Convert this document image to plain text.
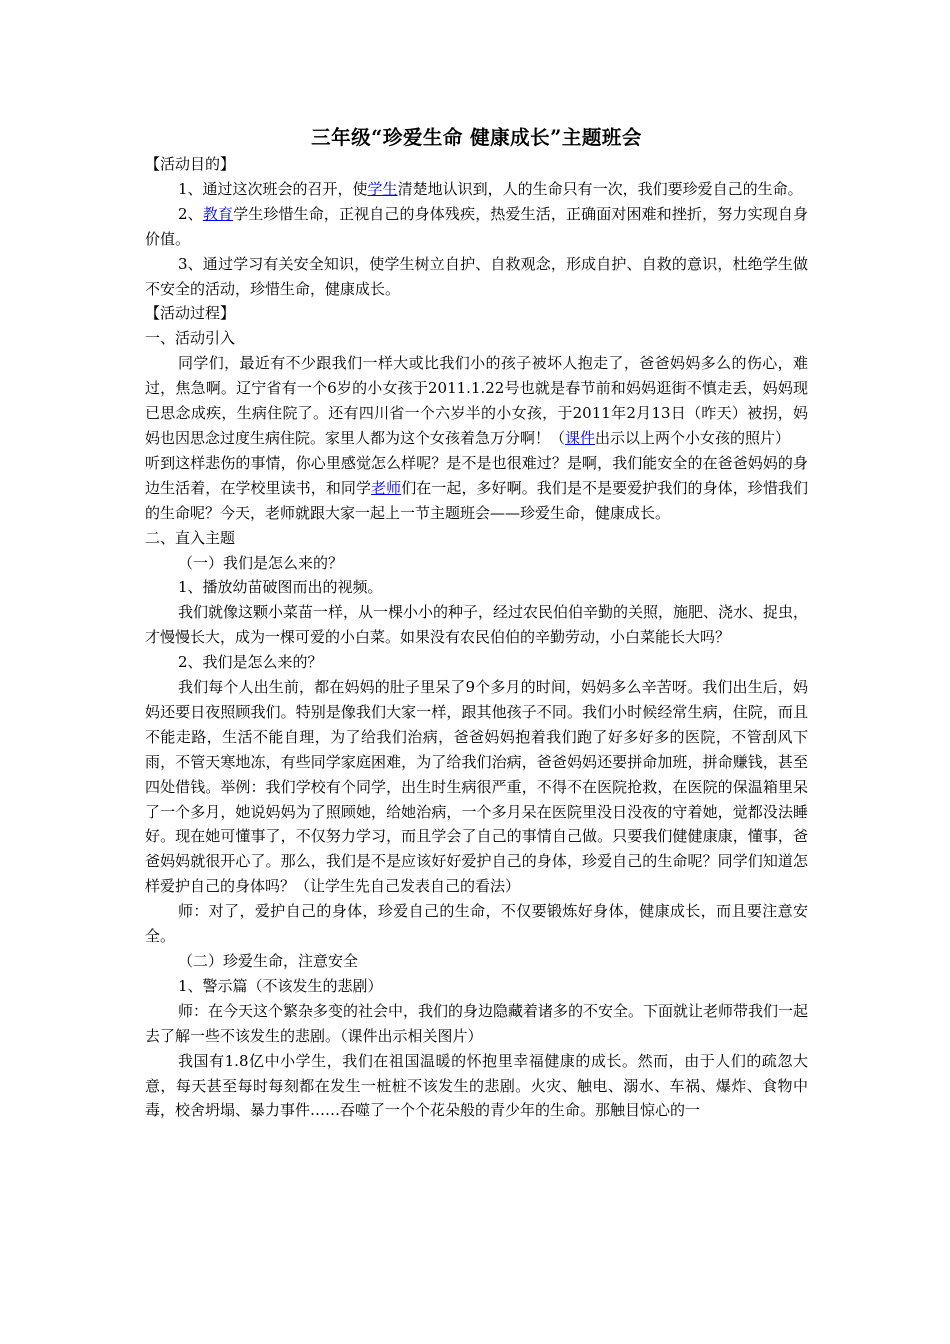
三年级“珍爱生命 健康成长”主题班会

【活动目的】

1、通过这次班会的召开，使学生清楚地认识到，人的生命只有一次，我们要珍爱自己的生命。

2、教育学生珍惜生命，正视自己的身体残疾，热爱生活，正确面对困难和挫折，努力实现自身价值。

3、通过学习有关安全知识，使学生树立自护、自救观念，形成自护、自救的意识，杜绝学生做不安全的活动，珍惜生命，健康成长。

【活动过程】

一、活动引入

同学们，最近有不少跟我们一样大或比我们小的孩子被坏人抱走了，爸爸妈妈多么的伤心，难过，焦急啊。辽宁省有一个6岁的小女孩于2011.1.22号也就是春节前和妈妈逛街不慎走丢，妈妈现已思念成疾，生病住院了。还有四川省一个六岁半的小女孩，于2011年2月13日（昨天）被拐，妈妈也因思念过度生病住院。家里人都为这个女孩着急万分啊！（课件出示以上两个小女孩的照片）

听到这样悲伤的事情，你心里感觉怎么样呢？是不是也很难过？是啊，我们能安全的在爸爸妈妈的身边生活着，在学校里读书，和同学老师们在一起，多好啊。我们是不是要爱护我们的身体，珍惜我们的生命呢？今天，老师就跟大家一起上一节主题班会——珍爱生命，健康成长。

二、直入主题

（一）我们是怎么来的？

1、播放幼苗破图而出的视频。

我们就像这颗小菜苗一样，从一棵小小的种子，经过农民伯伯辛勤的关照，施肥、浇水、捉虫，才慢慢长大，成为一棵可爱的小白菜。如果没有农民伯伯的辛勤劳动，小白菜能长大吗？

2、我们是怎么来的？

我们每个人出生前，都在妈妈的肚子里呆了9个多月的时间，妈妈多么辛苦呀。我们出生后，妈妈还要日夜照顾我们。特别是像我们大家一样，跟其他孩子不同。我们小时候经常生病，住院，而且不能走路，生活不能自理，为了给我们治病，爸爸妈妈抱着我们跑了好多好多的医院，不管刮风下雨，不管天寒地冻，有些同学家庭困难，为了给我们治病，爸爸妈妈还要拼命加班，拼命赚钱，甚至四处借钱。举例：我们学校有个同学，出生时生病很严重，不得不在医院抢救，在医院的保温箱里呆了一个多月，她说妈妈为了照顾她，给她治病，一个多月呆在医院里没日没夜的守着她，觉都没法睡好。现在她可懂事了，不仅努力学习，而且学会了自己的事情自己做。只要我们健健康康，懂事，爸爸妈妈就很开心了。那么，我们是不是应该好好爱护自己的身体，珍爱自己的生命呢？同学们知道怎样爱护自己的身体吗？（让学生先自己发表自己的看法）

师：对了，爱护自己的身体，珍爱自己的生命，不仅要锻炼好身体，健康成长，而且要注意安全。

（二）珍爱生命，注意安全

1、警示篇（不该发生的悲剧）

师：在今天这个繁杂多变的社会中，我们的身边隐藏着诸多的不安全。下面就让老师带我们一起去了解一些不该发生的悲剧。（课件出示相关图片）

我国有1.8亿中小学生，我们在祖国温暖的怀抱里幸福健康的成长。然而，由于人们的疏忽大意，每天甚至每时每刻都在发生一桩桩不该发生的悲剧。火灾、触电、溺水、车祸、爆炸、食物中毒，校舍坍塌、暴力事件……吞噬了一个个花朵般的青少年的生命。那触目惊心的一
